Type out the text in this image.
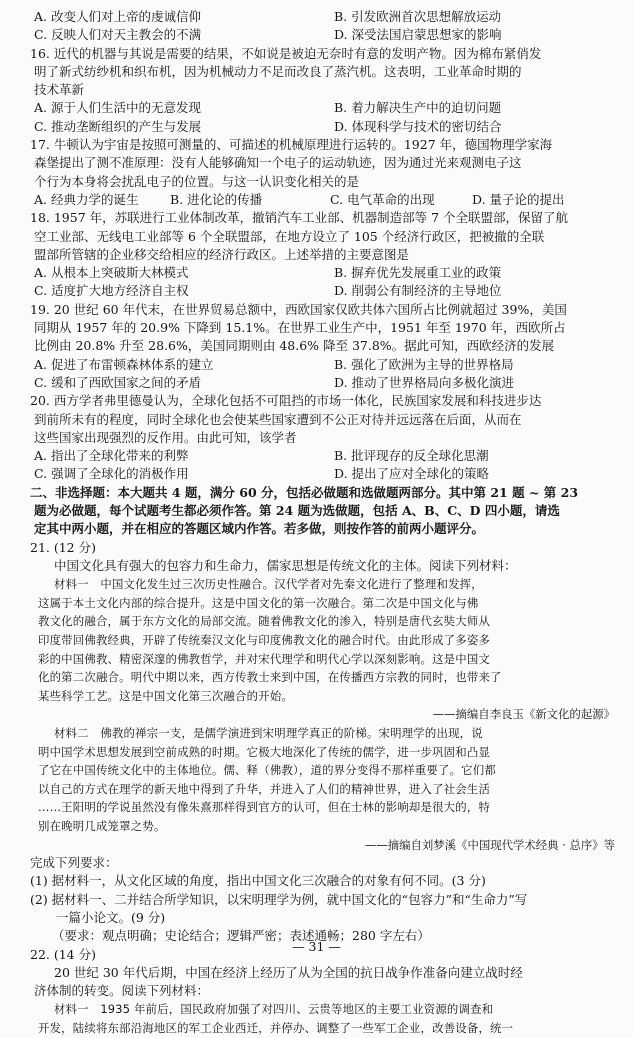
A. 改变人们对上帝的虔诚信仰	B. 引发欧洲首次思想解放运动
C. 反映人们对天主教会的不满	D. 深受法国启蒙思想家的影响
16. 近代的机器与其说是需要的结果，不如说是被迫无奈时有意的发明产物。因为棉布紧俏发
明了新式纺纱机和织布机，因为机械动力不足而改良了蒸汽机。这表明，工业革命时期的
技术革新
A. 源于人们生活中的无意发现	B. 着力解决生产中的迫切问题
C. 推动垄断组织的产生与发展	D. 体现科学与技术的密切结合
17. 牛顿认为宇宙是按照可测量的、可描述的机械原理进行运转的。1927 年，德国物理学家海
森堡提出了测不准原理：没有人能够确知一个电子的运动轨迹，因为通过光来观测电子这
个行为本身将会扰乱电子的位置。与这一认识变化相关的是
A. 经典力学的诞生	B. 进化论的传播	C. 电气革命的出现	D. 量子论的提出
18. 1957 年，苏联进行工业体制改革，撤销汽车工业部、机器制造部等 7 个全联盟部，保留了航
空工业部、无线电工业部等 6 个全联盟部，在地方设立了 105 个经济行政区，把被撤的全联
盟部所管辖的企业移交给相应的经济行政区。上述举措的主要意图是
A. 从根本上突破斯大林模式	B. 摒弃优先发展重工业的政策
C. 适度扩大地方经济自主权	D. 削弱公有制经济的主导地位
19. 20 世纪 60 年代末，在世界贸易总额中，西欧国家仅欧共体六国所占比例就超过 39%，美国
同期从 1957 年的 20.9% 下降到 15.1%。在世界工业生产中，1951 年至 1970 年，西欧所占
比例由 20.8% 升至 28.6%，美国同期则由 48.6% 降至 37.8%。据此可知，西欧经济的发展
A. 促进了布雷顿森林体系的建立	B. 强化了欧洲为主导的世界格局
C. 缓和了西欧国家之间的矛盾	D. 推动了世界格局向多极化演进
20. 西方学者弗里德曼认为，全球化包括不可阻挡的市场一体化，民族国家发展和科技进步达
到前所未有的程度，同时全球化也会使某些国家遭到不公正对待并远远落在后面，从而在
这些国家出现强烈的反作用。由此可知，该学者
A. 指出了全球化带来的利弊	B. 批评现存的反全球化思潮
C. 强调了全球化的消极作用	D. 提出了应对全球化的策略
二、非选择题：本大题共 4 题，满分 60 分，包括必做题和选做题两部分。其中第 21 题 ~ 第 23
题为必做题，每个试题考生都必须作答。第 24 题为选做题，包括 A、B、C、D 四小题，请选
定其中两小题，并在相应的答题区域内作答。若多做，则按作答的前两小题评分。
21. (12 分)
中国文化具有强大的包容力和生命力，儒家思想是传统文化的主体。阅读下列材料：
材料一　中国文化发生过三次历史性融合。汉代学者对先秦文化进行了整理和发挥，
这属于本土文化内部的综合提升。这是中国文化的第一次融合。第二次是中国文化与佛
教文化的融合，属于东方文化的局部交流。随着佛教文化的渗入，特别是唐代玄奘大师从
印度带回佛教经典，开辟了传统秦汉文化与印度佛教文化的融合时代。由此形成了多姿多
彩的中国佛教、精密深邃的佛教哲学，并对宋代理学和明代心学以深刻影响。这是中国文
化的第二次融合。明代中期以来，西方传教士来到中国，在传播西方宗教的同时，也带来了
某些科学工艺。这是中国文化第三次融合的开始。
——摘编自李良玉《新文化的起源》
材料二　佛教的禅宗一支，是儒学演进到宋明理学真正的阶梯。宋明理学的出现，说
明中国学术思想发展到空前成熟的时期。它极大地深化了传统的儒学，进一步巩固和凸显
了它在中国传统文化中的主体地位。儒、释（佛教），道的界分变得不那样重要了。它们都
以自己的方式在理学的新天地中得到了升华，并进入了人们的精神世界，进入了社会生活
……王阳明的学说虽然没有像朱熹那样得到官方的认可，但在士林的影响却是很大的，特
别在晚明几成笼罩之势。
——摘编自刘梦溪《中国现代学术经典 · 总序》等
完成下列要求：
(1) 据材料一，从文化区域的角度，指出中国文化三次融合的对象有何不同。(3 分)
(2) 据材料一、二并结合所学知识，以宋明理学为例，就中国文化的“包容力”和“生命力”写
一篇小论文。(9 分)
（要求：观点明确；史论结合；逻辑严密；表述通畅；280 字左右）
22. (14 分)
20 世纪 30 年代后期，中国在经济上经历了从为全国的抗日战争作准备向建立战时经
济体制的转变。阅读下列材料：
材料一　1935 年前后，国民政府加强了对四川、云贵等地区的主要工业资源的调查和
开发，陆续将东部沿海地区的军工企业西迁，并停办、调整了一些军工企业，改善设备，统一
— 31 —
